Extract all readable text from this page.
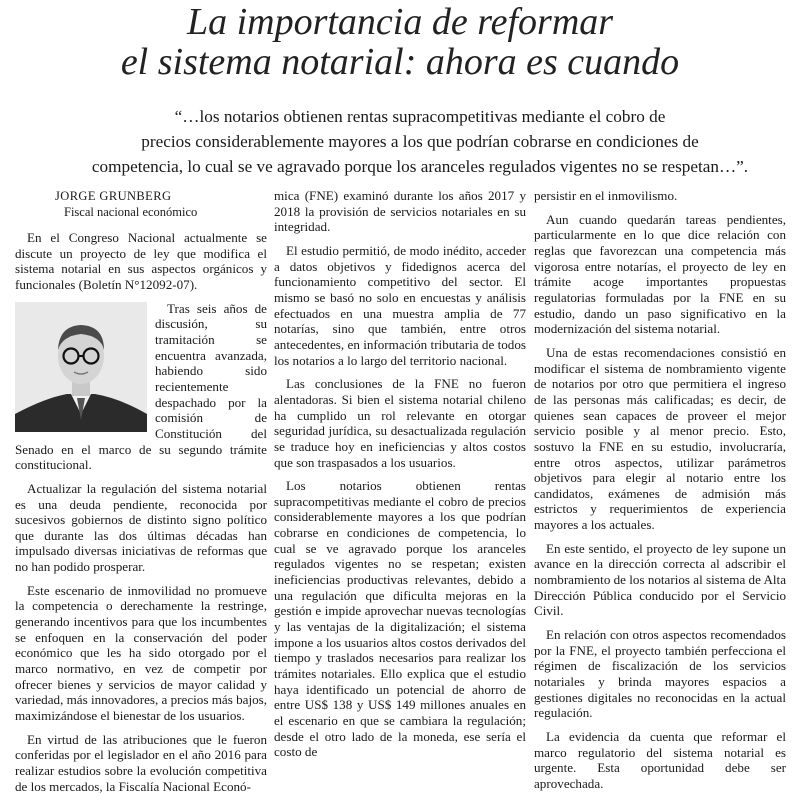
La importancia de reformar
el sistema notarial: ahora es cuando
“…los notarios obtienen rentas supracompetitivas mediante el cobro de
precios considerablemente mayores a los que podrían cobrarse en condiciones de
competencia, lo cual se ve agravado porque los aranceles regulados vigentes no se respetan…”.
JORGE GRUNBERG
Fiscal nacional económico

En el Congreso Nacional actualmente se discute un proyecto de ley que modifica el sistema notarial en sus aspectos orgánicos y funcionales (Boletín N°12092-07).

Tras seis años de discusión, su tramitación se encuentra avanzada, habiendo sido recientemente despachado por la comisión de Constitución del Senado en el marco de su segundo trámite constitucional.

Actualizar la regulación del sistema notarial es una deuda pendiente, reconocida por sucesivos gobiernos de distinto signo político que durante las dos últimas décadas han impulsado diversas iniciativas de reformas que no han podido prosperar.

Este escenario de inmovilidad no promueve la competencia o derechamente la restringe, generando incentivos para que los incumbentes se enfoquen en la conservación del poder económico que les ha sido otorgado por el marco normativo, en vez de competir por ofrecer bienes y servicios de mayor calidad y variedad, más innovadores, a precios más bajos, maximizándose el bienestar de los usuarios.

En virtud de las atribuciones que le fueron conferidas por el legislador en el año 2016 para realizar estudios sobre la evolución competitiva de los mercados, la Fiscalía Nacional Econó-

mica (FNE) examinó durante los años 2017 y 2018 la provisión de servicios notariales en su integridad.

El estudio permitió, de modo inédito, acceder a datos objetivos y fidedignos acerca del funcionamiento competitivo del sector. El mismo se basó no solo en encuestas y análisis efectuados en una muestra amplia de 77 notarías, sino que también, entre otros antecedentes, en información tributaria de todos los notarios a lo largo del territorio nacional.

Las conclusiones de la FNE no fueron alentadoras. Si bien el sistema notarial chileno ha cumplido un rol relevante en otorgar seguridad jurídica, su desactualizada regulación se traduce hoy en ineficiencias y altos costos que son traspasados a los usuarios.

Los notarios obtienen rentas supracompetitivas mediante el cobro de precios considerablemente mayores a los que podrían cobrarse en condiciones de competencia, lo cual se ve agravado porque los aranceles regulados vigentes no se respetan; existen ineficiencias productivas relevantes, debido a una regulación que dificulta mejoras en la gestión e impide aprovechar nuevas tecnologías y las ventajas de la digitalización; el sistema impone a los usuarios altos costos derivados del tiempo y traslados necesarios para realizar los trámites notariales. Ello explica que el estudio haya identificado un potencial de ahorro de entre US$ 138 y US$ 149 millones anuales en el escenario en que se cambiara la regulación; desde el otro lado de la moneda, ese sería el costo de

persistir en el inmovilismo.

Aun cuando quedarán tareas pendientes, particularmente en lo que dice relación con reglas que favorezcan una competencia más vigorosa entre notarías, el proyecto de ley en trámite acoge importantes propuestas regulatorias formuladas por la FNE en su estudio, dando un paso significativo en la modernización del sistema notarial.

Una de estas recomendaciones consistió en modificar el sistema de nombramiento vigente de notarios por otro que permitiera el ingreso de las personas más calificadas; es decir, de quienes sean capaces de proveer el mejor servicio posible y al menor precio. Esto, sostuvo la FNE en su estudio, involucraría, entre otros aspectos, utilizar parámetros objetivos para elegir al notario entre los candidatos, exámenes de admisión más estrictos y requerimientos de experiencia mayores a los actuales.

En este sentido, el proyecto de ley supone un avance en la dirección correcta al adscribir el nombramiento de los notarios al sistema de Alta Dirección Pública conducido por el Servicio Civil.

En relación con otros aspectos recomendados por la FNE, el proyecto también perfecciona el régimen de fiscalización de los servicios notariales y brinda mayores espacios a gestiones digitales no reconocidas en la actual regulación.

La evidencia da cuenta que reformar el marco regulatorio del sistema notarial es urgente. Esta oportunidad debe ser aprovechada.
